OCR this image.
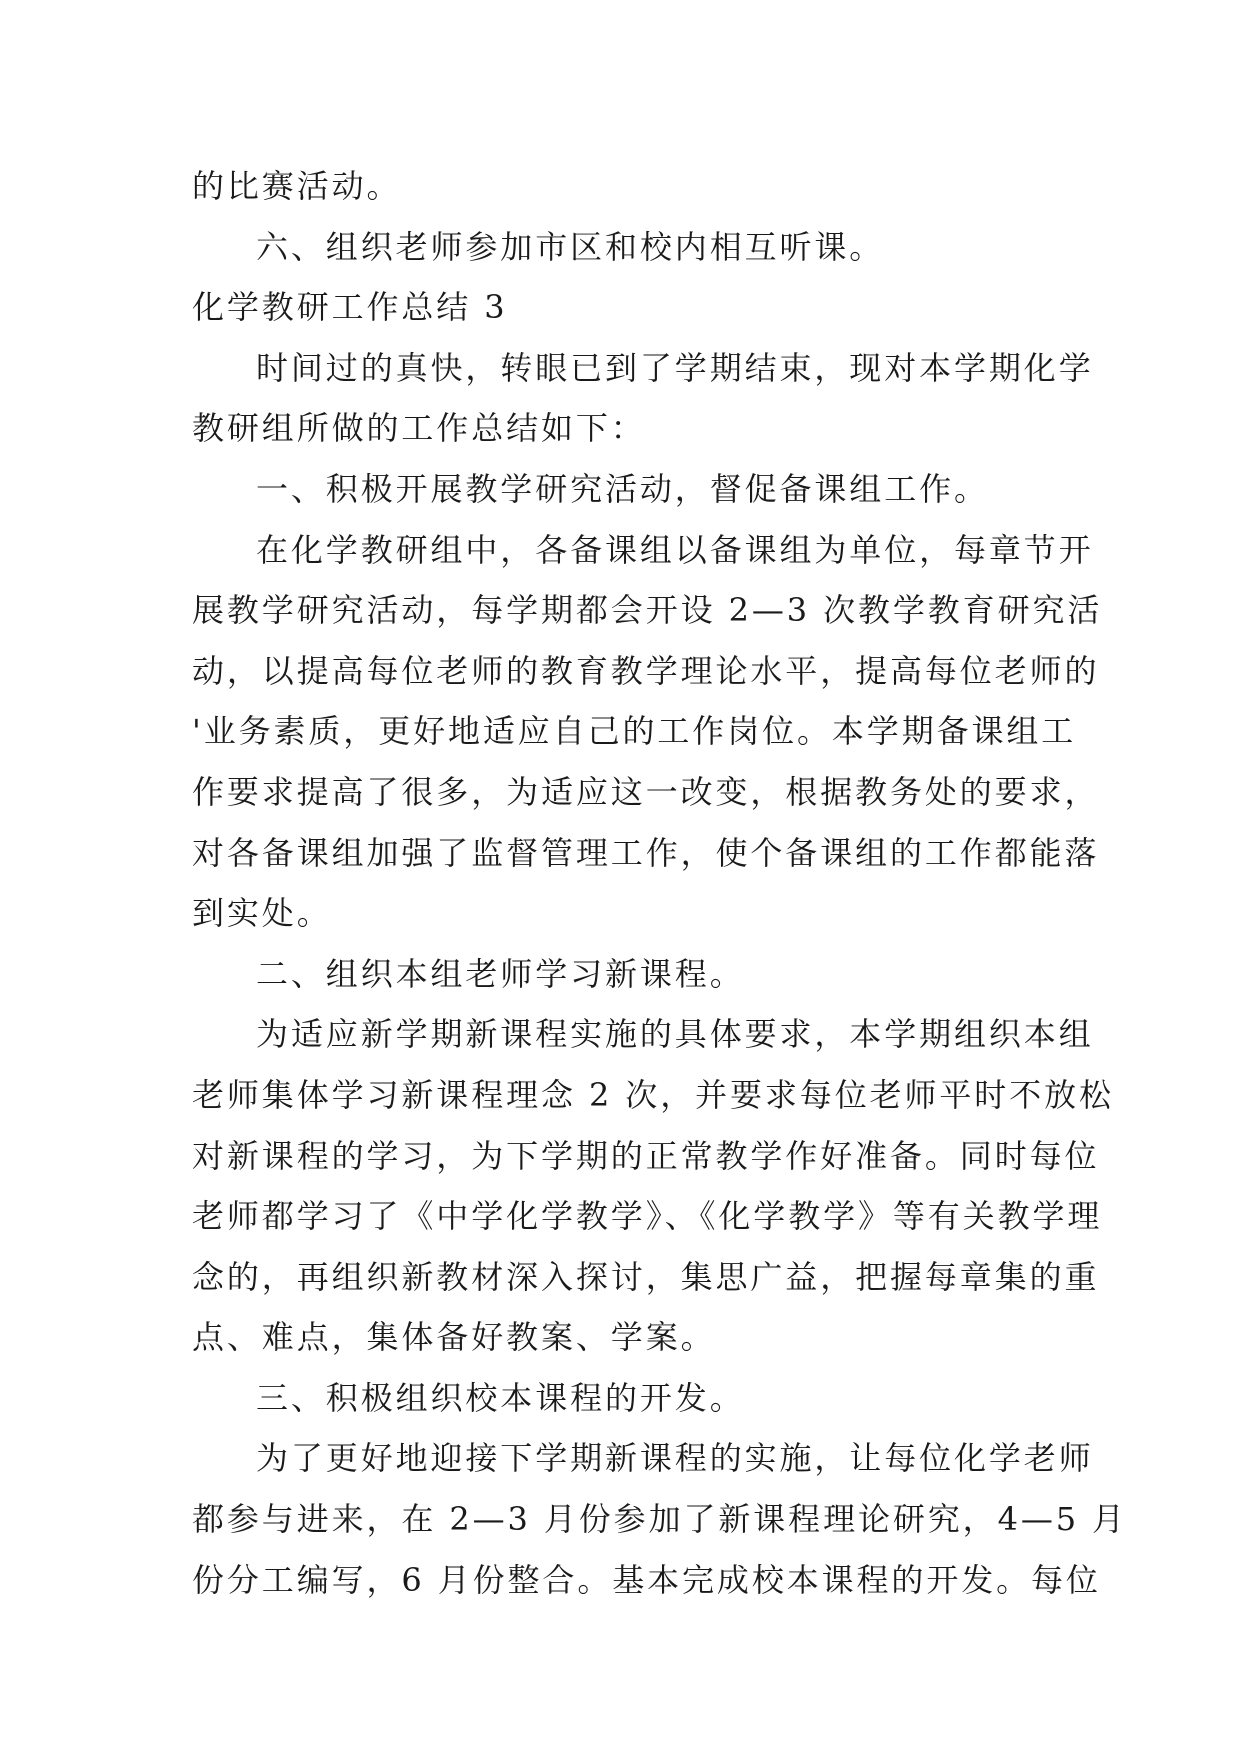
的比赛活动。
六、组织老师参加市区和校内相互听课。
化学教研工作总结 3
时间过的真快，转眼已到了学期结束，现对本学期化学
教研组所做的工作总结如下：
一、积极开展教学研究活动，督促备课组工作。
在化学教研组中，各备课组以备课组为单位，每章节开
展教学研究活动，每学期都会开设 2—3 次教学教育研究活
动，以提高每位老师的教育教学理论水平，提高每位老师的
'业务素质，更好地适应自己的工作岗位。本学期备课组工
作要求提高了很多，为适应这一改变，根据教务处的要求，
对各备课组加强了监督管理工作，使个备课组的工作都能落
到实处。
二、组织本组老师学习新课程。
为适应新学期新课程实施的具体要求，本学期组织本组
老师集体学习新课程理念 2 次，并要求每位老师平时不放松
对新课程的学习，为下学期的正常教学作好准备。同时每位
老师都学习了《中学化学教学》、《化学教学》等有关教学理
念的，再组织新教材深入探讨，集思广益，把握每章集的重
点、难点，集体备好教案、学案。
三、积极组织校本课程的开发。
为了更好地迎接下学期新课程的实施，让每位化学老师
都参与进来，在 2—3 月份参加了新课程理论研究，4—5 月
份分工编写，6 月份整合。基本完成校本课程的开发。每位
